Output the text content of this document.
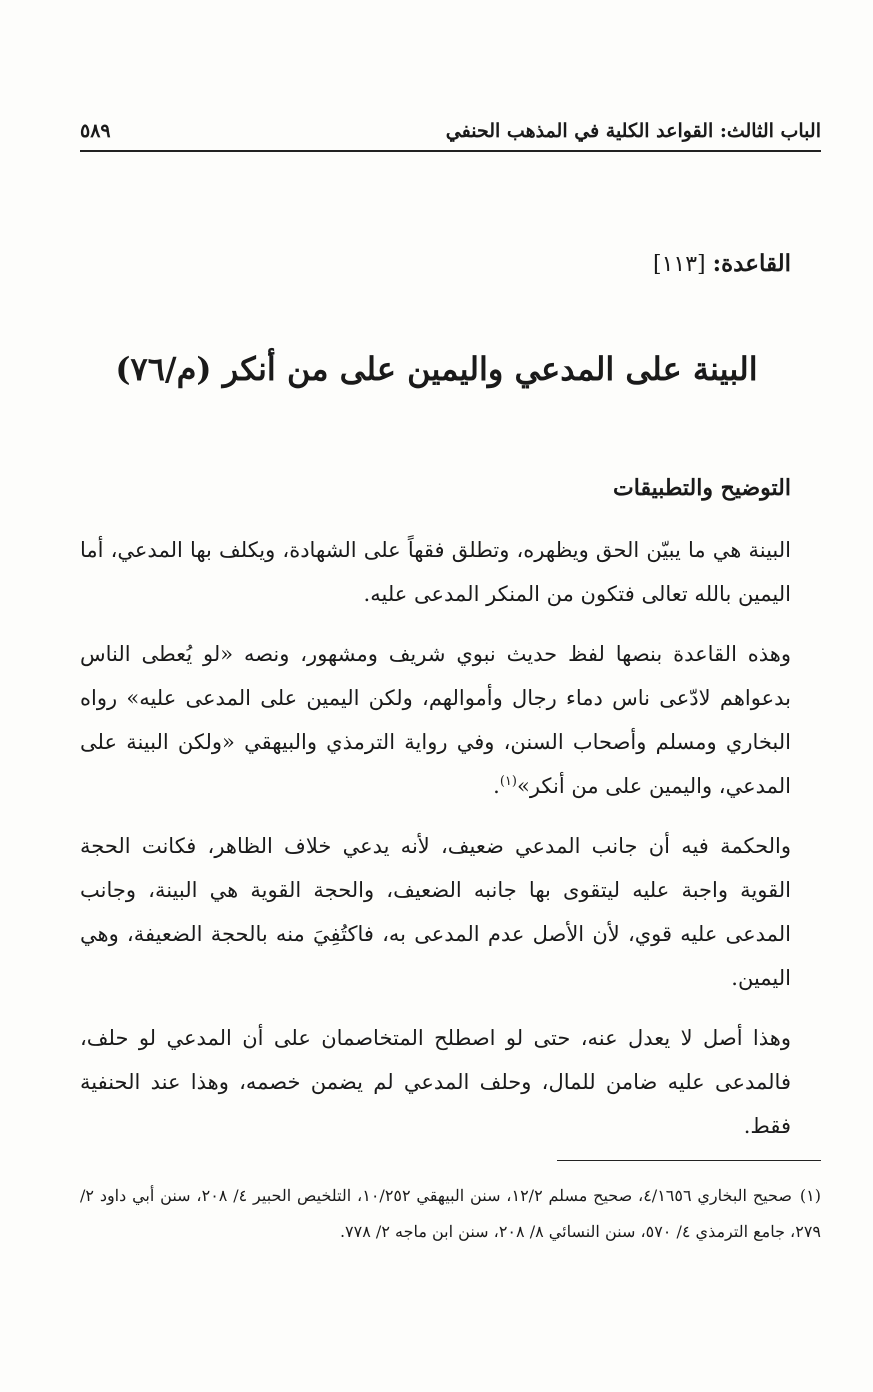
٥٨٩	الباب الثالث: القواعد الكلية في المذهب الحنفي
القاعدة: [١١٣]
البينة على المدعي واليمين على من أنكر (م/٧٦)
التوضيح والتطبيقات

البينة هي ما يبيّن الحق ويظهره، وتطلق فقهاً على الشهادة، ويكلف بها المدعي، أما اليمين بالله تعالى فتكون من المنكر المدعى عليه.

وهذه القاعدة بنصها لفظ حديث نبوي شريف ومشهور، ونصه «لو يُعطى الناس بدعواهم لادّعى ناس دماء رجال وأموالهم، ولكن اليمين على المدعى عليه» رواه البخاري ومسلم وأصحاب السنن، وفي رواية الترمذي والبيهقي «ولكن البينة على المدعي، واليمين على من أنكر»$^{(١)}$.

والحكمة فيه أن جانب المدعي ضعيف، لأنه يدعي خلاف الظاهر، فكانت الحجة القوية واجبة عليه ليتقوى بها جانبه الضعيف، والحجة القوية هي البينة، وجانب المدعى عليه قوي، لأن الأصل عدم المدعى به، فاكتُفِيَ منه بالحجة الضعيفة، وهي اليمين.

وهذا أصل لا يعدل عنه، حتى لو اصطلح المتخاصمان على أن المدعي لو حلف، فالمدعى عليه ضامن للمال، وحلف المدعي لم يضمن خصمه، وهذا عند الحنفية فقط.

(١)صحيح البخاري ٤/١٦٥٦، صحيح مسلم ١٢/٢، سنن البيهقي ١٠/٢٥٢، التلخيص الحبير ٤/ ٢٠٨، سنن أبي داود ٢/ ٢٧٩، جامع الترمذي ٤/ ٥٧٠، سنن النسائي ٨/ ٢٠٨، سنن ابن ماجه ٢/ ٧٧٨.
